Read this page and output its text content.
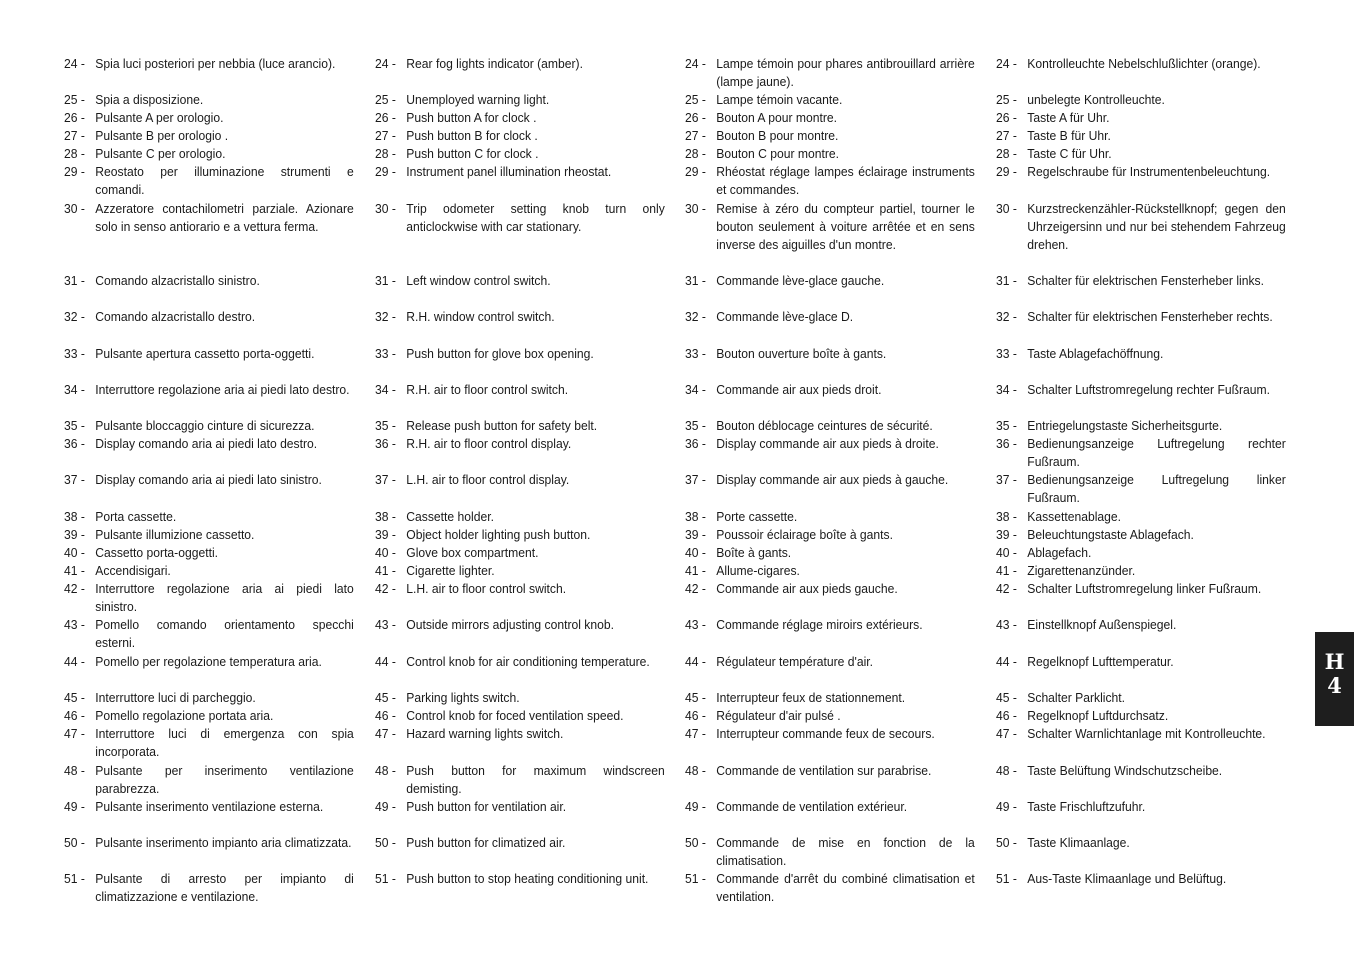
24 - Spia luci posteriori per nebbia (luce arancio).
25 - Spia a disposizione.
26 - Pulsante A per orologio.
27 - Pulsante B per orologio .
28 - Pulsante C per orologio.
29 - Reostato per illuminazione strumenti e comandi.
30 - Azzeratore contachilometri parziale. Azionare solo in senso antiorario e a vettura ferma.
31 - Comando alzacristallo sinistro.
32 - Comando alzacristallo destro.
33 - Pulsante apertura cassetto porta-oggetti.
34 - Interruttore regolazione aria ai piedi lato destro.
35 - Pulsante bloccaggio cinture di sicurezza.
36 - Display comando aria ai piedi lato destro.
37 - Display comando aria ai piedi lato sinistro.
38 - Porta cassette.
39 - Pulsante illumizione cassetto.
40 - Cassetto porta-oggetti.
41 - Accendisigari.
42 - Interruttore regolazione aria ai piedi lato sinistro.
43 - Pomello comando orientamento specchi esterni.
44 - Pomello per regolazione temperatura aria.
45 - Interruttore luci di parcheggio.
46 - Pomello regolazione portata aria.
47 - Interruttore luci di emergenza con spia incorporata.
48 - Pulsante per inserimento ventilazione parabrezza.
49 - Pulsante inserimento ventilazione esterna.
50 - Pulsante inserimento impianto aria climatizzata.
51 - Pulsante di arresto per impianto di climatizzazione e ventilazione.
24 - Rear fog lights indicator (amber).
25 - Unemployed warning light.
26 - Push button A for clock .
27 - Push button B for clock .
28 - Push button C for clock .
29 - Instrument panel illumination rheostat.
30 - Trip odometer setting knob turn only anticlockwise with car stationary.
31 - Left window control switch.
32 - R.H. window control switch.
33 - Push button for glove box opening.
34 - R.H. air to floor control switch.
35 - Release push button for safety belt.
36 - R.H. air to floor control display.
37 - L.H. air to floor control display.
38 - Cassette holder.
39 - Object holder lighting push button.
40 - Glove box compartment.
41 - Cigarette lighter.
42 - L.H. air to floor control switch.
43 - Outside mirrors adjusting control knob.
44 - Control knob for air conditioning temperature.
45 - Parking lights switch.
46 - Control knob for foced ventilation speed.
47 - Hazard warning lights switch.
48 - Push button for maximum windscreen demisting.
49 - Push button for ventilation air.
50 - Push button for climatized air.
51 - Push button to stop heating conditioning unit.
24 - Lampe témoin pour phares antibrouillard arrière (lampe jaune).
25 - Lampe témoin vacante.
26 - Bouton A pour montre.
27 - Bouton B pour montre.
28 - Bouton C pour montre.
29 - Rhéostat réglage lampes éclairage instruments et commandes.
30 - Remise à zéro du compteur partiel, tourner le bouton seulement à voiture arrêtée et en sens inverse des aiguilles d'un montre.
31 - Commande lève-glace gauche.
32 - Commande lève-glace D.
33 - Bouton ouverture boîte à gants.
34 - Commande air aux pieds droit.
35 - Bouton déblocage ceintures de sécurité.
36 - Display commande air aux pieds à droite.
37 - Display commande air aux pieds à gauche.
38 - Porte cassette.
39 - Poussoir éclairage boîte à gants.
40 - Boîte à gants.
41 - Allume-cigares.
42 - Commande air aux pieds gauche.
43 - Commande réglage miroirs extérieurs.
44 - Régulateur température d'air.
45 - Interrupteur feux de stationnement.
46 - Régulateur d'air pulsé .
47 - Interrupteur commande feux de secours.
48 - Commande de ventilation sur parabrise.
49 - Commande de ventilation extérieur.
50 - Commande de mise en fonction de la climatisation.
51 - Commande d'arrêt du combiné climatisation et ventilation.
24 - Kontrolleuchte Nebelschlußlichter (orange).
25 - unbelegte Kontrolleuchte.
26 - Taste A für Uhr.
27 - Taste B für Uhr.
28 - Taste C für Uhr.
29 - Regelschraube für Instrumentenbeleuchtung.
30 - Kurzstreckenzähler-Rückstellknopf; gegen den Uhrzeigersinn und nur bei stehendem Fahrzeug drehen.
31 - Schalter für elektrischen Fensterheber links.
32 - Schalter für elektrischen Fensterheber rechts.
33 - Taste Ablagefachöffnung.
34 - Schalter Luftstromregelung rechter Fußraum.
35 - Entriegelungstaste Sicherheitsgurte.
36 - Bedienungsanzeige Luftregelung rechter Fußraum.
37 - Bedienungsanzeige Luftregelung linker Fußraum.
38 - Kassettenablage.
39 - Beleuchtungstaste Ablagefach.
40 - Ablagefach.
41 - Zigarettenanzünder.
42 - Schalter Luftstromregelung linker Fußraum.
43 - Einstellknopf Außenspiegel.
44 - Regelknopf Lufttemperatur.
45 - Schalter Parklicht.
46 - Regelknopf Luftdurchsatz.
47 - Schalter Warnlichtanlage mit Kontrolleuchte.
48 - Taste Belüftung Windschutzscheibe.
49 - Taste Frischluftzufuhr.
50 - Taste Klimaanlage.
51 - Aus-Taste Klimaanlage und Belüftug.
H
4
